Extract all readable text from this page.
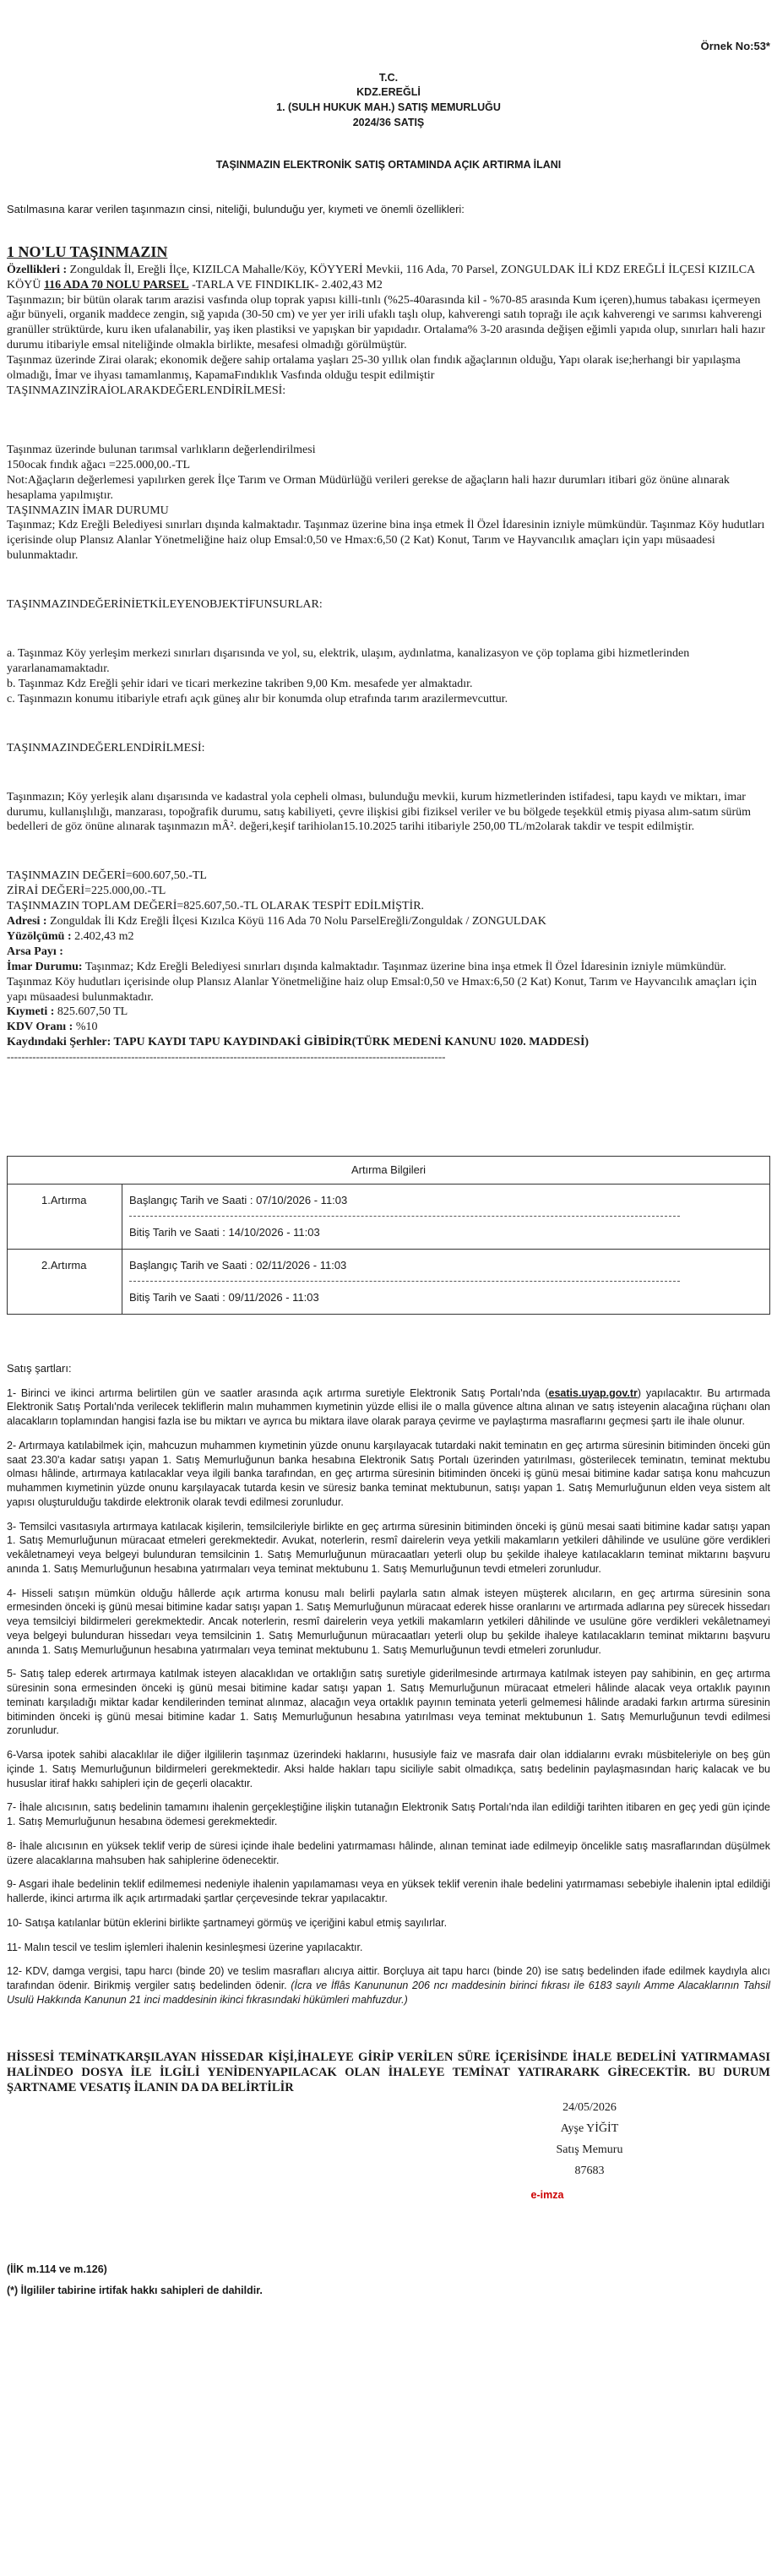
Örnek No:53*
T.C.
KDZ.EREĞLİ
1. (SULH HUKUK MAH.) SATIŞ MEMURLUĞU
2024/36 SATIŞ
TAŞINMAZIN ELEKTRONİK SATIŞ ORTAMINDA AÇIK ARTIRMA İLANI
Satılmasına karar verilen taşınmazın cinsi, niteliği, bulunduğu yer, kıymeti ve önemli özellikleri:
1 NO'LU TAŞINMAZIN

Özellikleri : Zonguldak İl, Ereğli İlçe, KIZILCA Mahalle/Köy, KÖYYERİ Mevkii, 116 Ada, 70 Parsel, ZONGULDAK İLİ KDZ EREĞLİ İLÇESİ KIZILCA KÖYÜ 116 ADA 70 NOLU PARSEL -TARLA VE FINDIKLIK- 2.402,43 M2

Taşınmazın; bir bütün olarak tarım arazisi vasfında olup toprak yapısı killi-tınlı (%25-40arasında kil - %70-85 arasında Kum içeren),humus tabakası içermeyen ağır bünyeli, organik maddece zengin, sığ yapıda (30-50 cm) ve yer yer irili ufaklı taşlı olup, kahverengi satıh toprağı ile açık kahverengi ve sarımsı kahverengi granüller strüktürde, kuru iken ufalanabilir, yaş iken plastiksi ve yapışkan bir yapıdadır. Ortalama% 3-20 arasında değişen eğimli yapıda olup, sınırları hali hazır durumu itibariyle emsal niteliğinde olmakla birlikte, mesafesi olmadığı görülmüştür.

Taşınmaz üzerinde Zirai olarak; ekonomik değere sahip ortalama yaşları 25-30 yıllık olan fındık ağaçlarının olduğu, Yapı olarak ise;herhangi bir yapılaşma olmadığı, İmar ve ihyası tamamlanmış, KapamaFındıklık Vasfında olduğu tespit edilmiştir

TAŞINMAZINZİRAİOLARAKDEĞERLENDİRİLMESİ:

Taşınmaz üzerinde bulunan tarımsal varlıkların değerlendirilmesi

150ocak fındık ağacı =225.000,00.-TL

Not:Ağaçların değerlemesi yapılırken gerek İlçe Tarım ve Orman Müdürlüğü verileri gerekse de ağaçların hali hazır durumları itibari göz önüne alınarak hesaplama yapılmıştır.

TAŞINMAZIN İMAR DURUMU

Taşınmaz; Kdz Ereğli Belediyesi sınırları dışında kalmaktadır. Taşınmaz üzerine bina inşa etmek İl Özel İdaresinin izniyle mümkündür. Taşınmaz Köy hudutları içerisinde olup Plansız Alanlar Yönetmeliğine haiz olup Emsal:0,50 ve Hmax:6,50 (2 Kat) Konut, Tarım ve Hayvancılık amaçları için yapı müsaadesi bulunmaktadır.

TAŞINMAZINDEĞERİNİETKİLEYENOBJEKTİFUNSURLAR:

a. Taşınmaz Köy yerleşim merkezi sınırları dışarısında ve yol, su, elektrik, ulaşım, aydınlatma, kanalizasyon ve çöp toplama gibi hizmetlerinden yararlanamamaktadır.

b. Taşınmaz Kdz Ereğli şehir idari ve ticari merkezine takriben 9,00 Km. mesafede yer almaktadır.

c. Taşınmazın konumu itibariyle etrafı açık güneş alır bir konumda olup etrafında tarım arazilermevcuttur.

TAŞINMAZINDEĞERLENDİRİLMESİ:

Taşınmazın; Köy yerleşik alanı dışarısında ve kadastral yola cepheli olması, bulunduğu mevkii, kurum hizmetlerinden istifadesi, tapu kaydı ve miktarı, imar durumu, kullanışlılığı, manzarası, topoğrafik durumu, satış kabiliyeti, çevre ilişkisi gibi fiziksel veriler ve bu bölgede teşekkül etmiş piyasa alım-satım sürüm bedelleri de göz önüne alınarak taşınmazın mÂ². değeri,keşif tarihiolan15.10.2025 tarihi itibariyle 250,00 TL/m2olarak takdir ve tespit edilmiştir.

TAŞINMAZIN DEĞERİ=600.607,50.-TL

ZİRAİ DEĞERİ=225.000,00.-TL

TAŞINMAZIN TOPLAM DEĞERİ=825.607,50.-TL OLARAK TESPİT EDİLMİŞTİR.

Adresi : Zonguldak İli Kdz Ereğli İlçesi Kızılca Köyü 116 Ada 70 Nolu ParselEreğli/Zonguldak / ZONGULDAK

Yüzölçümü : 2.402,43 m2

Arsa Payı :

İmar Durumu: Taşınmaz; Kdz Ereğli Belediyesi sınırları dışında kalmaktadır. Taşınmaz üzerine bina inşa etmek İl Özel İdaresinin izniyle mümkündür. Taşınmaz Köy hudutları içerisinde olup Plansız Alanlar Yönetmeliğine haiz olup Emsal:0,50 ve Hmax:6,50 (2 Kat) Konut, Tarım ve Hayvancılık amaçları için yapı müsaadesi bulunmaktadır.

Kıymeti : 825.607,50 TL

KDV Oranı : %10

Kaydındaki Şerhler: TAPU KAYDI TAPU KAYDINDAKİ GİBİDİR(TÜRK MEDENİ KANUNU 1020. MADDESİ)

------------------------------------------------------------------------------------------------------------------------
Artırma Bilgileri	
1.Artırma	Başlangıç Tarih ve Saati : 07/10/2026 - 11:03
Bitiş Tarih ve Saati : 14/10/2026 - 11:03

2.Artırma	Başlangıç Tarih ve Saati : 02/11/2026 - 11:03
Bitiş Tarih ve Saati : 09/11/2026 - 11:03
Satış şartları:
1- Birinci ve ikinci artırma belirtilen gün ve saatler arasında açık artırma suretiyle Elektronik Satış Portalı'nda (esatis.uyap.gov.tr) yapılacaktır. Bu artırmada Elektronik Satış Portalı'nda verilecek tekliflerin malın muhammen kıymetinin yüzde ellisi ile o malla güvence altına alınan ve satış isteyenin alacağına rüçhanı olan alacakların toplamından hangisi fazla ise bu miktarı ve ayrıca bu miktara ilave olarak paraya çevirme ve paylaştırma masraflarını geçmesi şartı ile ihale olunur.
2- Artırmaya katılabilmek için, mahcuzun muhammen kıymetinin yüzde onunu karşılayacak tutardaki nakit teminatın en geç artırma süresinin bitiminden önceki gün saat 23.30'a kadar satışı yapan 1. Satış Memurluğunun banka hesabına Elektronik Satış Portalı üzerinden yatırılması, gösterilecek teminatın, teminat mektubu olması hâlinde, artırmaya katılacaklar veya ilgili banka tarafından, en geç artırma süresinin bitiminden önceki iş günü mesai bitimine kadar satışa konu mahcuzun muhammen kıymetinin yüzde onunu karşılayacak tutarda kesin ve süresiz banka teminat mektubunun, satışı yapan 1. Satış Memurluğunun elden veya sistem alt yapısı oluşturulduğu takdirde elektronik olarak tevdi edilmesi zorunludur.
3- Temsilci vasıtasıyla artırmaya katılacak kişilerin, temsilcileriyle birlikte en geç artırma süresinin bitiminden önceki iş günü mesai saati bitimine kadar satışı yapan 1. Satış Memurluğunun müracaat etmeleri gerekmektedir. Avukat, noterlerin, resmî dairelerin veya yetkili makamların yetkileri dâhilinde ve usulüne göre verdikleri vekâletnameyi veya belgeyi bulunduran temsilcinin 1. Satış Memurluğunun müracaatları yeterli olup bu şekilde ihaleye katılacakların teminat miktarını başvuru anında 1. Satış Memurluğunun hesabına yatırmaları veya teminat mektubunu 1. Satış Memurluğunun tevdi etmeleri zorunludur.
4- Hisseli satışın mümkün olduğu hâllerde açık artırma konusu malı belirli paylarla satın almak isteyen müşterek alıcıların, en geç artırma süresinin sona ermesinden önceki iş günü mesai bitimine kadar satışı yapan 1. Satış Memurluğunun müracaat ederek hisse oranlarını ve artırmada adlarına pey sürecek hissedarı veya temsilciyi bildirmeleri gerekmektedir. Ancak noterlerin, resmî dairelerin veya yetkili makamların yetkileri dâhilinde ve usulüne göre verdikleri vekâletnameyi veya belgeyi bulunduran hissedarı veya temsilcinin 1. Satış Memurluğunun müracaatları yeterli olup bu şekilde ihaleye katılacakların teminat miktarını başvuru anında 1. Satış Memurluğunun hesabına yatırmaları veya teminat mektubunu 1. Satış Memurluğunun tevdi etmeleri zorunludur.
5- Satış talep ederek artırmaya katılmak isteyen alacaklıdan ve ortaklığın satış suretiyle giderilmesinde artırmaya katılmak isteyen pay sahibinin, en geç artırma süresinin sona ermesinden önceki iş günü mesai bitimine kadar satışı yapan 1. Satış Memurluğunun müracaat etmeleri hâlinde alacak veya ortaklık payının teminatı karşıladığı miktar kadar kendilerinden teminat alınmaz, alacağın veya ortaklık payının teminata yeterli gelmemesi hâlinde aradaki farkın artırma süresinin bitiminden önceki iş günü mesai bitimine kadar 1. Satış Memurluğunun hesabına yatırılması veya teminat mektubunun 1. Satış Memurluğunun tevdi edilmesi zorunludur.
6-Varsa ipotek sahibi alacaklılar ile diğer ilgililerin taşınmaz üzerindeki haklarını, hususiyle faiz ve masrafa dair olan iddialarını evrakı müsbiteleriyle on beş gün içinde 1. Satış Memurluğunun bildirmeleri gerekmektedir. Aksi halde hakları tapu siciliyle sabit olmadıkça, satış bedelinin paylaşmasından hariç kalacak ve bu hususlar itiraf hakkı sahipleri için de geçerli olacaktır.
7- İhale alıcısının, satış bedelinin tamamını ihalenin gerçekleştiğine ilişkin tutanağın Elektronik Satış Portalı'nda ilan edildiği tarihten itibaren en geç yedi gün içinde 1. Satış Memurluğunun hesabına ödemesi gerekmektedir.
8- İhale alıcısının en yüksek teklif verip de süresi içinde ihale bedelini yatırmaması hâlinde, alınan teminat iade edilmeyip öncelikle satış masraflarından düşülmek üzere alacaklarına mahsuben hak sahiplerine ödenecektir.
9- Asgari ihale bedelinin teklif edilmemesi nedeniyle ihalenin yapılamaması veya en yüksek teklif verenin ihale bedelini yatırmaması sebebiyle ihalenin iptal edildiği hallerde, ikinci artırma ilk açık artırmadaki şartlar çerçevesinde tekrar yapılacaktır.
10- Satışa katılanlar bütün eklerini birlikte şartnameyi görmüş ve içeriğini kabul etmiş sayılırlar.
11- Malın tescil ve teslim işlemleri ihalenin kesinleşmesi üzerine yapılacaktır.
12- KDV, damga vergisi, tapu harcı (binde 20) ve teslim masrafları alıcıya aittir. Borçluya ait tapu harcı (binde 20) ise satış bedelinden ifade edilmek kaydıyla alıcı tarafından ödenir. Birikmiş vergiler satış bedelinden ödenir. (İcra ve İflâs Kanununun 206 ncı maddesinin birinci fıkrası ile 6183 sayılı Amme Alacaklarının Tahsil Usulü Hakkında Kanunun 21 inci maddesinin ikinci fıkrasındaki hükümleri mahfuzdur.)
HİSSESİ TEMİNATKARŞILAYAN HİSSEDAR KİŞİ,İHALEYE GİRİP VERİLEN SÜRE İÇERİSİNDE İHALE BEDELİNİ YATIRMAMASI HALİNDEO DOSYA İLE İLGİLİ YENİDENYAPILACAK OLAN İHALEYE TEMİNAT YATIRARARK GİRECEKTİR. BU DURUM ŞARTNAME VESATIŞ İLANIN DA DA BELİRTİLİR
24/05/2026
Ayşe YİĞİT
Satış Memuru
87683
e-imza
(İİK m.114 ve m.126)
(*) İlgililer tabirine irtifak hakkı sahipleri de dahildir.
